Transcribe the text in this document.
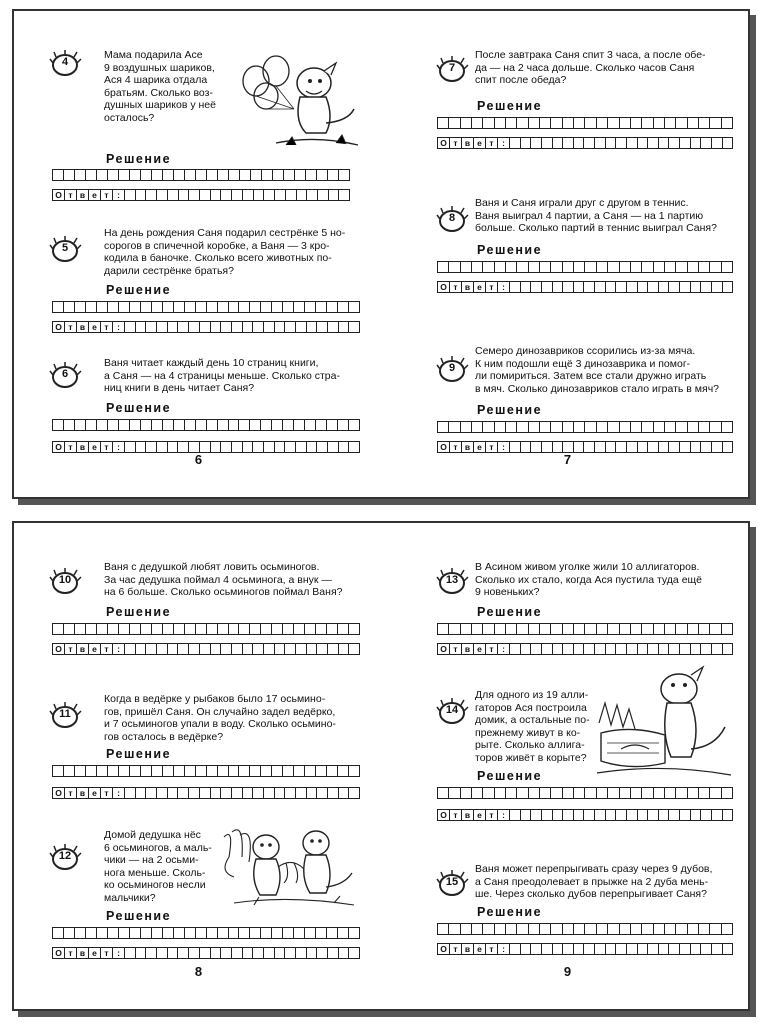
4
Мама подарила Асе
9 воздушных шариков,
Ася 4 шарика отдала
братьям. Сколько воз-
душных шариков у неё
осталось?
Решение
О т в е т	:
5
На день рождения Саня подарил сестрёнке 5 но-
сорогов в спичечной коробке, а Ваня — 3 кро-
кодила в баночке. Сколько всего животных по-
дарили сестрёнке братья?
Решение
О т в е т	:
6
Ваня читает каждый день 10 страниц книги,
а Саня — на 4 страницы меньше. Сколько стра-
ниц книги в день читает Саня?
Решение
О т в е т	:
6
7
После завтрака Саня спит 3 часа, а после обе-
да — на 2 часа дольше. Сколько часов Саня
спит после обеда?
Решение
О т в е т	:
8
Ваня и Саня играли друг с другом в теннис.
Ваня выиграл 4 партии, а Саня — на 1 партию
больше. Сколько партий в теннис выиграл Саня?
Решение
О т в е т	:
9
Семеро динозавриков ссорились из-за мяча.
К ним подошли ещё 3 динозаврика и помог-
ли помириться. Затем все стали дружно играть
в мяч. Сколько динозавриков стало играть в мяч?
Решение
О т в е т	:
7
10
Ваня с дедушкой любят ловить осьминогов.
За час дедушка поймал 4 осьминога, а внук —
на 6 больше. Сколько осьминогов поймал Ваня?
Решение
О т в е т	:
11
Когда в ведёрке у рыбаков было 17 осьмино-
гов, пришёл Саня. Он случайно задел ведёрко,
и 7 осьминогов упали в воду. Сколько осьмино-
гов осталось в ведёрке?
Решение
О т в е т	:
12
Домой дедушка нёс
6 осьминогов, а маль-
чики — на 2 осьми-
нога меньше. Сколь-
ко осьминогов несли
мальчики?
Решение
О т в е т	:
8
13
В Асином живом уголке жили 10 аллигаторов.
Сколько их стало, когда Ася пустила туда ещё
9 новеньких?
Решение
О т в е т	:
14
Для одного из 19 алли-
гаторов Ася построила
домик, а остальные по-
прежнему живут в ко-
рыте. Сколько аллига-
торов живёт в корыте?
Решение
О т в е т	:
15
Ваня может перепрыгивать сразу через 9 дубов,
а Саня преодолевает в прыжке на 2 дуба мень-
ше. Через сколько дубов перепрыгивает Саня?
Решение
О т в е т	:
9
